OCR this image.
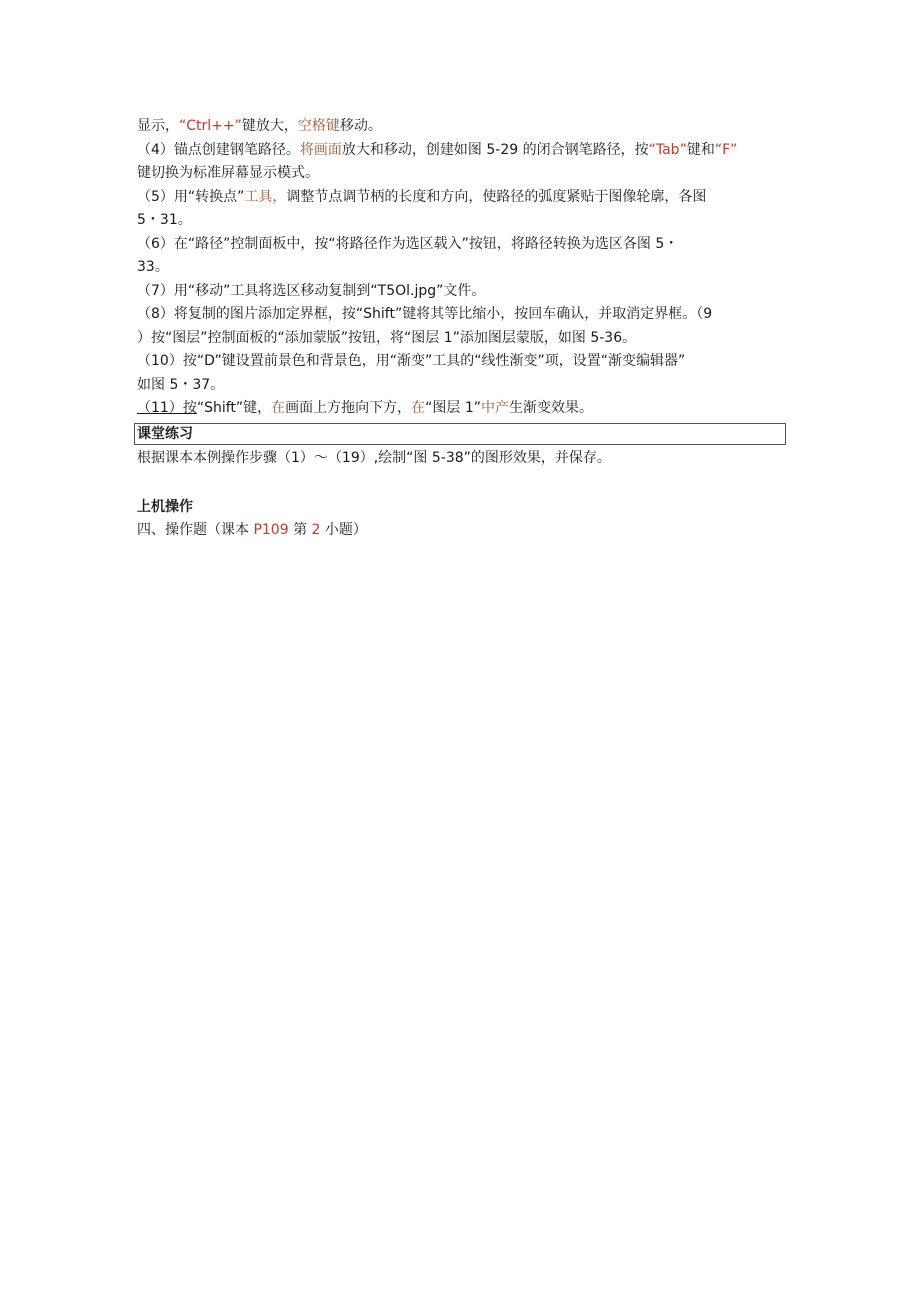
显示，“Ctrl++”键放大，空格键移动。
（4）锚点创建钢笔路径。将画面放大和移动，创建如图 5-29 的闭合钢笔路径，按“Tab”键和“F”
键切换为标准屏幕显示模式。
（5）用“转换点”工具，调整节点调节柄的长度和方向，使路径的弧度紧贴于图像轮廓，各图
5・31。
（6）在“路径”控制面板中，按“将路径作为选区载入”按钮，将路径转换为选区各图 5・
33。
（7）用“移动”工具将选区移动复制到“T5Ol.jpg”文件。
（8）将复制的图片添加定界框，按“Shift”键将其等比缩小，按回车确认，并取消定界框。（9
）按“图层”控制面板的“添加蒙版”按钮，将“图层 1”添加图层蒙版，如图 5-36。
（10）按“D”键设置前景色和背景色，用“渐变”工具的“线性渐变”项，设置“渐变编辑器”
如图 5・37。
（11）按“Shift”键，在画面上方拖向下方，在“图层 1”中产生渐变效果。
课堂练习
根据课本本例操作步骤（1）～（19）,绘制“图 5-38”的图形效果，并保存。
上机操作
四、操作题（课本 P109 第 2 小题）
